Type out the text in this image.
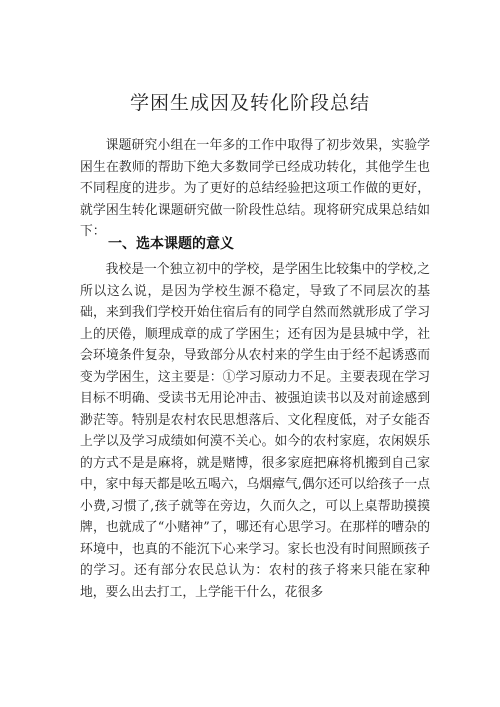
学困生成因及转化阶段总结
课题研究小组在一年多的工作中取得了初步效果，实验学困生在教师的帮助下绝大多数同学已经成功转化，其他学生也不同程度的进步。为了更好的总结经验把这项工作做的更好，就学困生转化课题研究做一阶段性总结。现将研究成果总结如下：
一、选本课题的意义
我校是一个独立初中的学校，是学困生比较集中的学校,之所以这么说，是因为学校生源不稳定，导致了不同层次的基础，来到我们学校开始住宿后有的同学自然而然就形成了学习上的厌倦，顺理成章的成了学困生；还有因为是县城中学，社会环境条件复杂，导致部分从农村来的学生由于经不起诱惑而变为学困生，这主要是：①学习原动力不足。主要表现在学习目标不明确、受读书无用论冲击、被强迫读书以及对前途感到渺茫等。特别是农村农民思想落后、文化程度低，对子女能否上学以及学习成绩如何漠不关心。如今的农村家庭，农闲娱乐的方式不是是麻将，就是赌博，很多家庭把麻将机搬到自己家中，家中每天都是吆五喝六，乌烟瘴气,偶尔还可以给孩子一点小费,习惯了,孩子就等在旁边，久而久之，可以上桌帮助摸摸牌，也就成了“小赌神”了，哪还有心思学习。在那样的嘈杂的环境中，也真的不能沉下心来学习。家长也没有时间照顾孩子的学习。还有部分农民总认为：农村的孩子将来只能在家种地，要么出去打工，上学能干什么，花很多
